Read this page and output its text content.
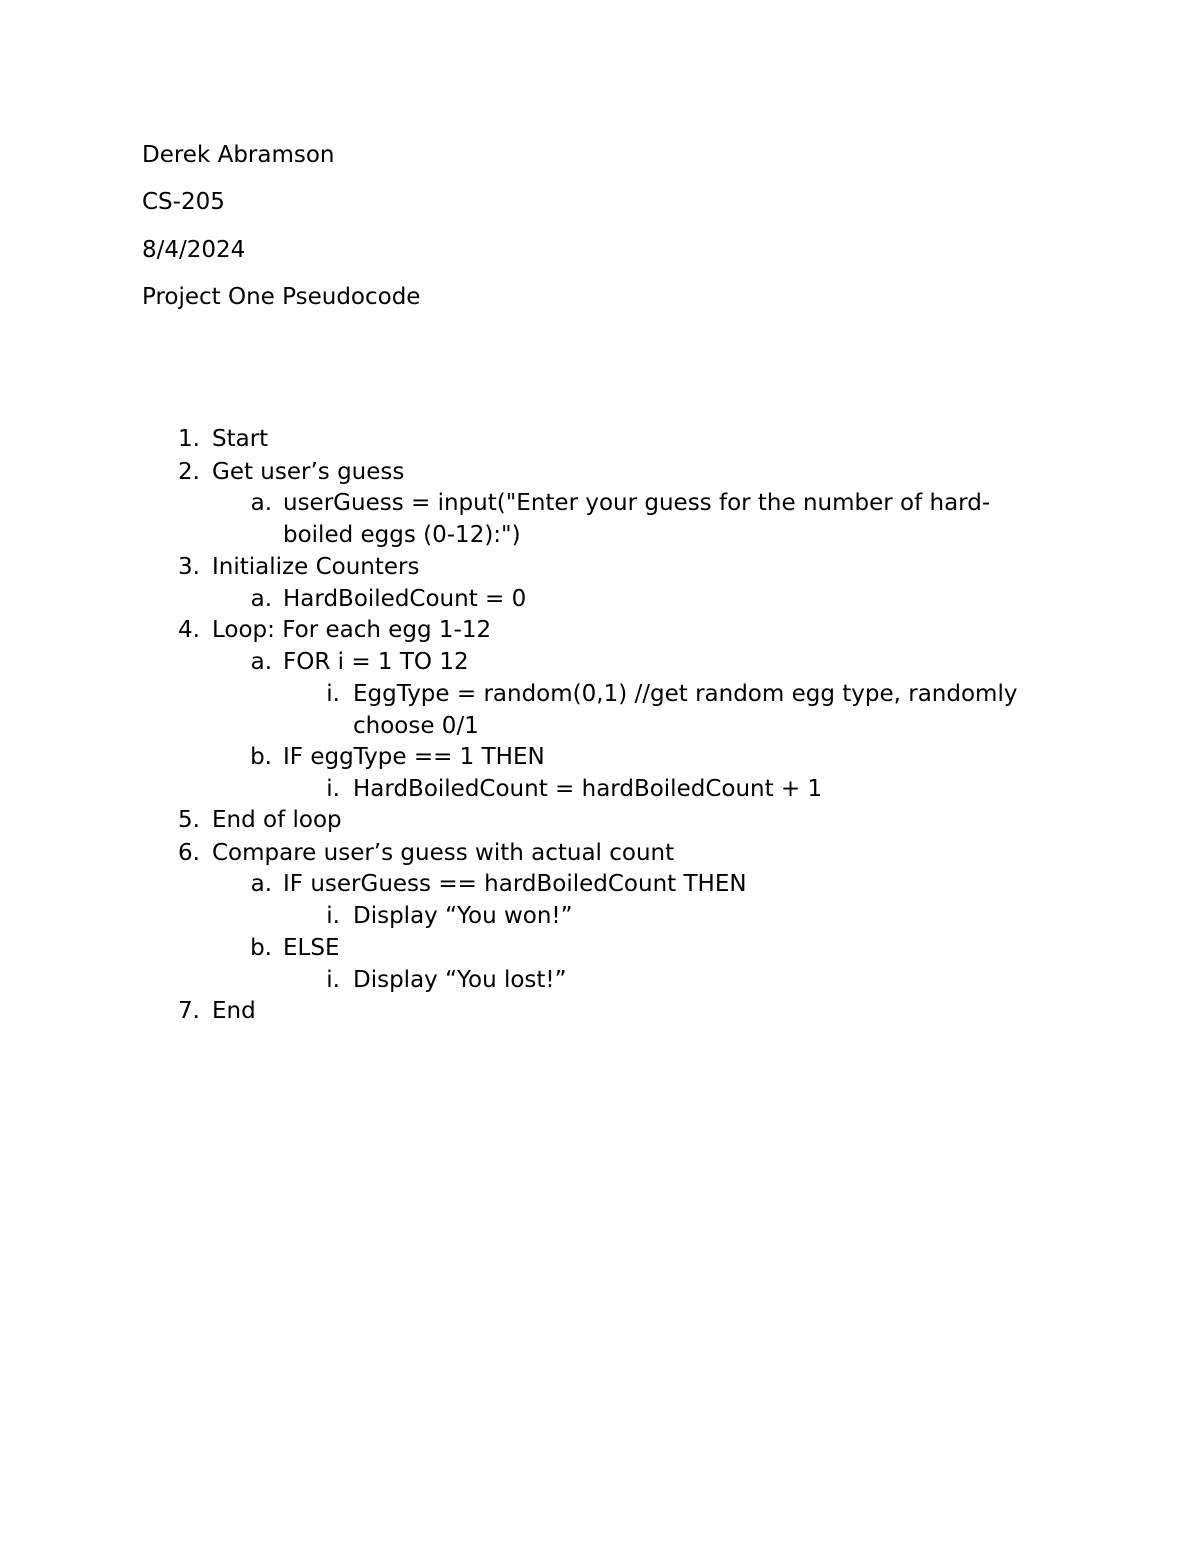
Derek Abramson
CS-205
8/4/2024
Project One Pseudocode
1. Start
2. Get user’s guess
a. userGuess = input("Enter your guess for the number of hard-
boiled eggs (0-12):")
3. Initialize Counters
a. HardBoiledCount = 0
4. Loop: For each egg 1-12
a. FOR i = 1 TO 12
i. EggType = random(0,1) //get random egg type, randomly
choose 0/1
b. IF eggType == 1 THEN
i. HardBoiledCount = hardBoiledCount + 1
5. End of loop
6. Compare user’s guess with actual count
a. IF userGuess == hardBoiledCount THEN
i. Display “You won!”
b. ELSE
i. Display “You lost!”
7. End
